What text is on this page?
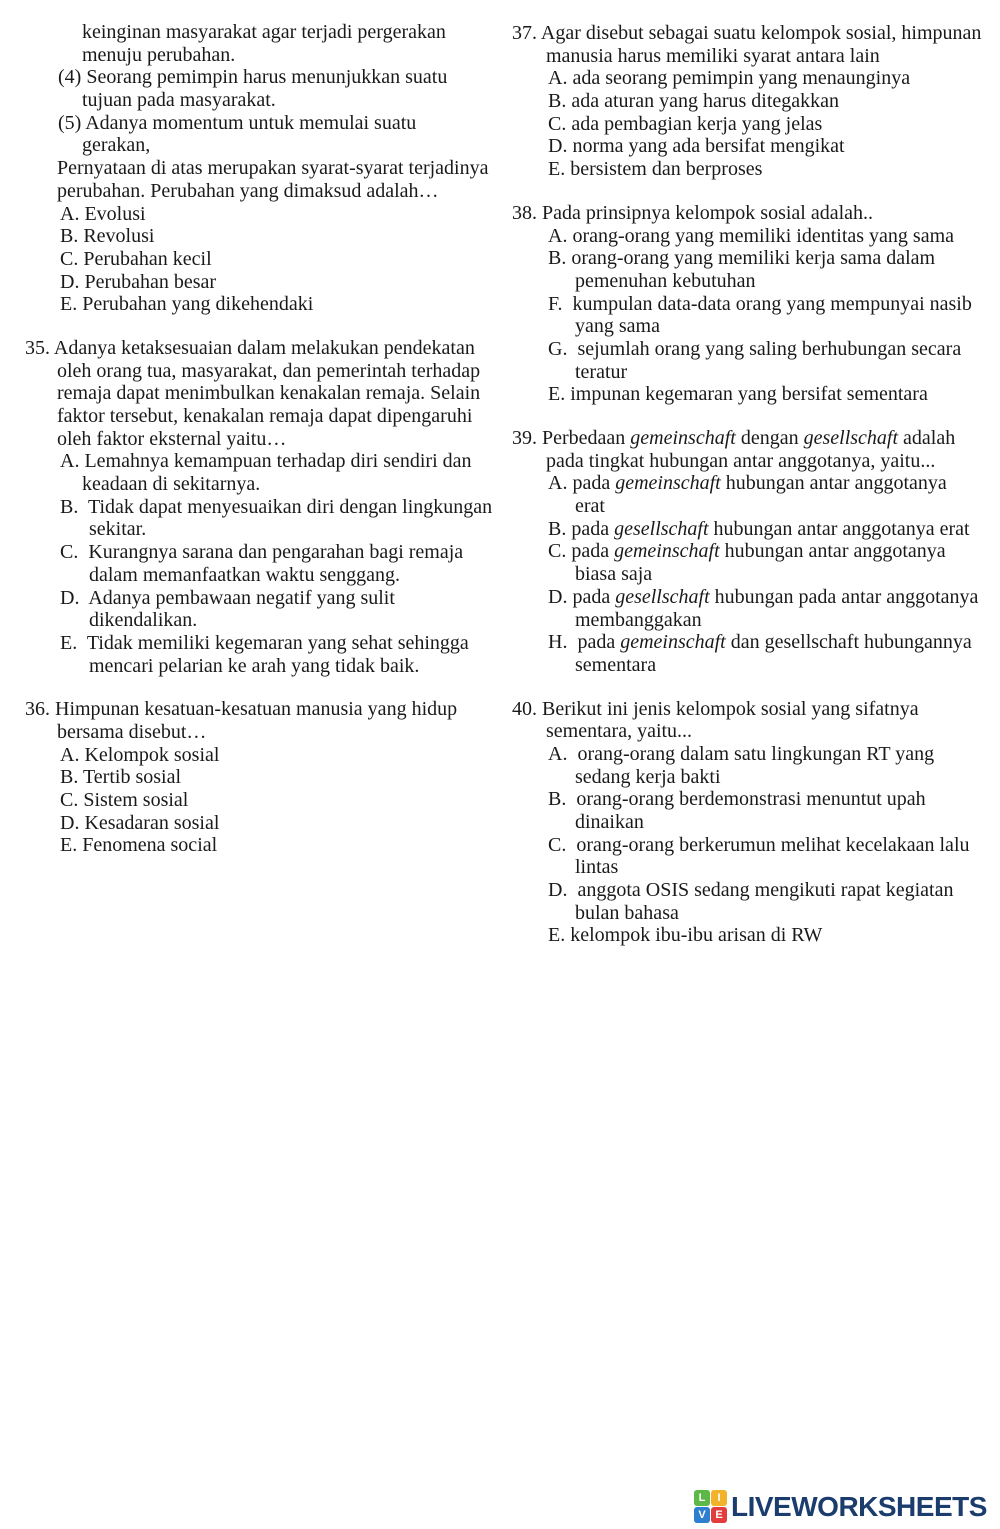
keinginan masyarakat agar terjadi pergerakan
menuju perubahan.
(4) Seorang pemimpin harus menunjukkan suatu
tujuan pada masyarakat.
(5) Adanya momentum untuk memulai suatu
gerakan,
Pernyataan di atas merupakan syarat-syarat terjadinya
perubahan. Perubahan yang dimaksud adalah…
A. Evolusi
B. Revolusi
C. Perubahan kecil
D. Perubahan besar
E. Perubahan yang dikehendaki
35. Adanya ketaksesuaian dalam melakukan pendekatan
oleh orang tua, masyarakat, dan pemerintah terhadap
remaja dapat menimbulkan kenakalan remaja. Selain
faktor tersebut, kenakalan remaja dapat dipengaruhi
oleh faktor eksternal yaitu…
A. Lemahnya kemampuan terhadap diri sendiri dan
keadaan di sekitarnya.
B.  Tidak dapat menyesuaikan diri dengan lingkungan
sekitar.
C.  Kurangnya sarana dan pengarahan bagi remaja
dalam memanfaatkan waktu senggang.
D.  Adanya pembawaan negatif yang sulit
dikendalikan.
E.  Tidak memiliki kegemaran yang sehat sehingga
mencari pelarian ke arah yang tidak baik.
36. Himpunan kesatuan-kesatuan manusia yang hidup
bersama disebut…
A. Kelompok sosial
B. Tertib sosial
C. Sistem sosial
D. Kesadaran sosial
E. Fenomena social
37. Agar disebut sebagai suatu kelompok sosial, himpunan
manusia harus memiliki syarat antara lain
A. ada seorang pemimpin yang menaunginya
B. ada aturan yang harus ditegakkan
C. ada pembagian kerja yang jelas
D. norma yang ada bersifat mengikat
E. bersistem dan berproses
38. Pada prinsipnya kelompok sosial adalah..
A. orang-orang yang memiliki identitas yang sama
B. orang-orang yang memiliki kerja sama dalam
pemenuhan kebutuhan
F.  kumpulan data-data orang yang mempunyai nasib
yang sama
G.  sejumlah orang yang saling berhubungan secara
teratur
E. impunan kegemaran yang bersifat sementara
39. Perbedaan gemeinschaft dengan gesellschaft adalah
pada tingkat hubungan antar anggotanya, yaitu...
A. pada gemeinschaft hubungan antar anggotanya
erat
B. pada gesellschaft hubungan antar anggotanya erat
C. pada gemeinschaft hubungan antar anggotanya
biasa saja
D. pada gesellschaft hubungan pada antar anggotanya
membanggakan
H.  pada gemeinschaft dan gesellschaft hubungannya
sementara
40. Berikut ini jenis kelompok sosial yang sifatnya
sementara, yaitu...
A.  orang-orang dalam satu lingkungan RT yang
sedang kerja bakti
B.  orang-orang berdemonstrasi menuntut upah
dinaikan
C.  orang-orang berkerumun melihat kecelakaan lalu
lintas
D.  anggota OSIS sedang mengikuti rapat kegiatan
bulan bahasa
E. kelompok ibu-ibu arisan di RW
L	I
V E LIVEWORKSHEETS
